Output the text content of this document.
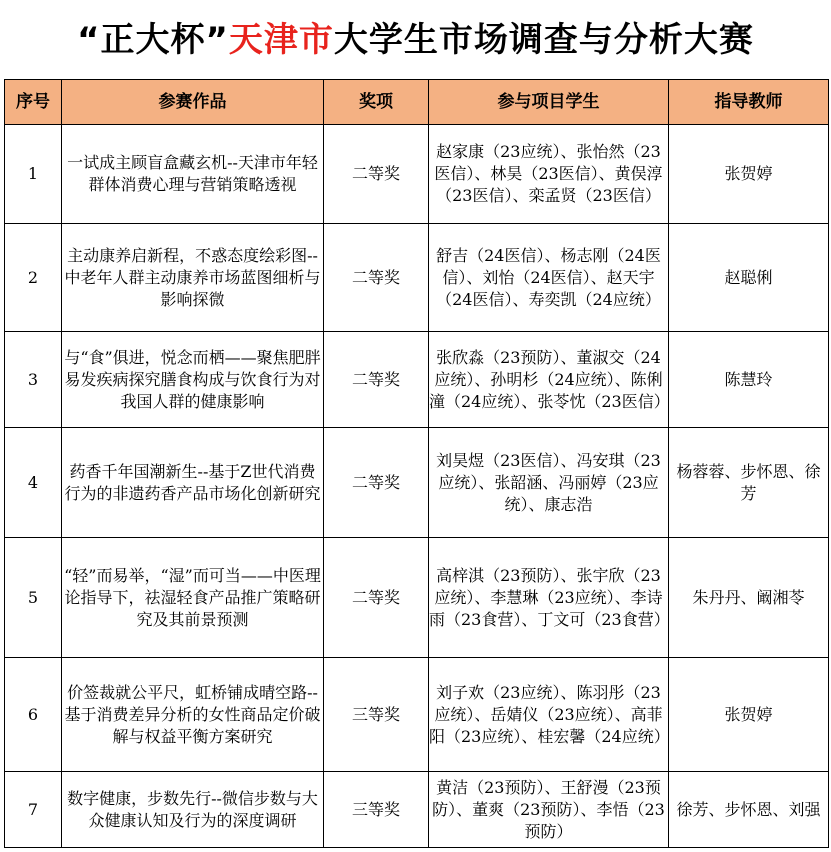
“正大杯”天津市大学生市场调查与分析大赛
序号	参赛作品	奖项	参与项目学生	指导教师
1	一试成主顾盲盒藏玄机--天津市年轻群体消费心理与营销策略透视	二等奖	赵家康（23应统）、张怡然（23医信）、林昊（23医信）、黄俣淳（23医信）、栾孟贤（23医信）	张贺婷
2	主动康养启新程，不惑态度绘彩图--中老年人群主动康养市场蓝图细析与影响探微	二等奖	舒吉（24医信）、杨志刚（24医信）、刘怡（24医信）、赵天宇（24医信）、寿奕凯（24应统）	赵聪俐
3	与“食”俱进，悦念而栖——聚焦肥胖易发疾病探究膳食构成与饮食行为对我国人群的健康影响	二等奖	张欣淼（23预防）、董淑交（24应统）、孙明杉（24应统）、陈俐潼（24应统）、张苓忱（23医信）	陈慧玲
4	药香千年国潮新生--基于Z世代消费行为的非遗药香产品市场化创新研究	二等奖	刘昊煜（23医信）、冯安琪（23应统）、张韶涵、冯丽婷（23应统）、康志浩	杨蓉蓉、步怀恩、徐芳
5	“轻”而易举，“湿”而可当——中医理论指导下，祛湿轻食产品推广策略研究及其前景预测	二等奖	高梓淇（23预防）、张宇欣（23应统）、李慧琳（23应统）、李诗雨（23食营）、丁文可（23食营）	朱丹丹、阚湘苓
6	价签裁就公平尺，虹桥铺成晴空路--基于消费差异分析的女性商品定价破解与权益平衡方案研究	三等奖	刘子欢（23应统）、陈羽彤（23应统）、岳婧仪（23应统）、高菲阳（23应统）、桂宏馨（24应统）	张贺婷
7	数字健康，步数先行--微信步数与大众健康认知及行为的深度调研	三等奖	黄洁（23预防）、王舒漫（23预防）、董爽（23预防）、李悟（23预防）	徐芳、步怀恩、刘强
